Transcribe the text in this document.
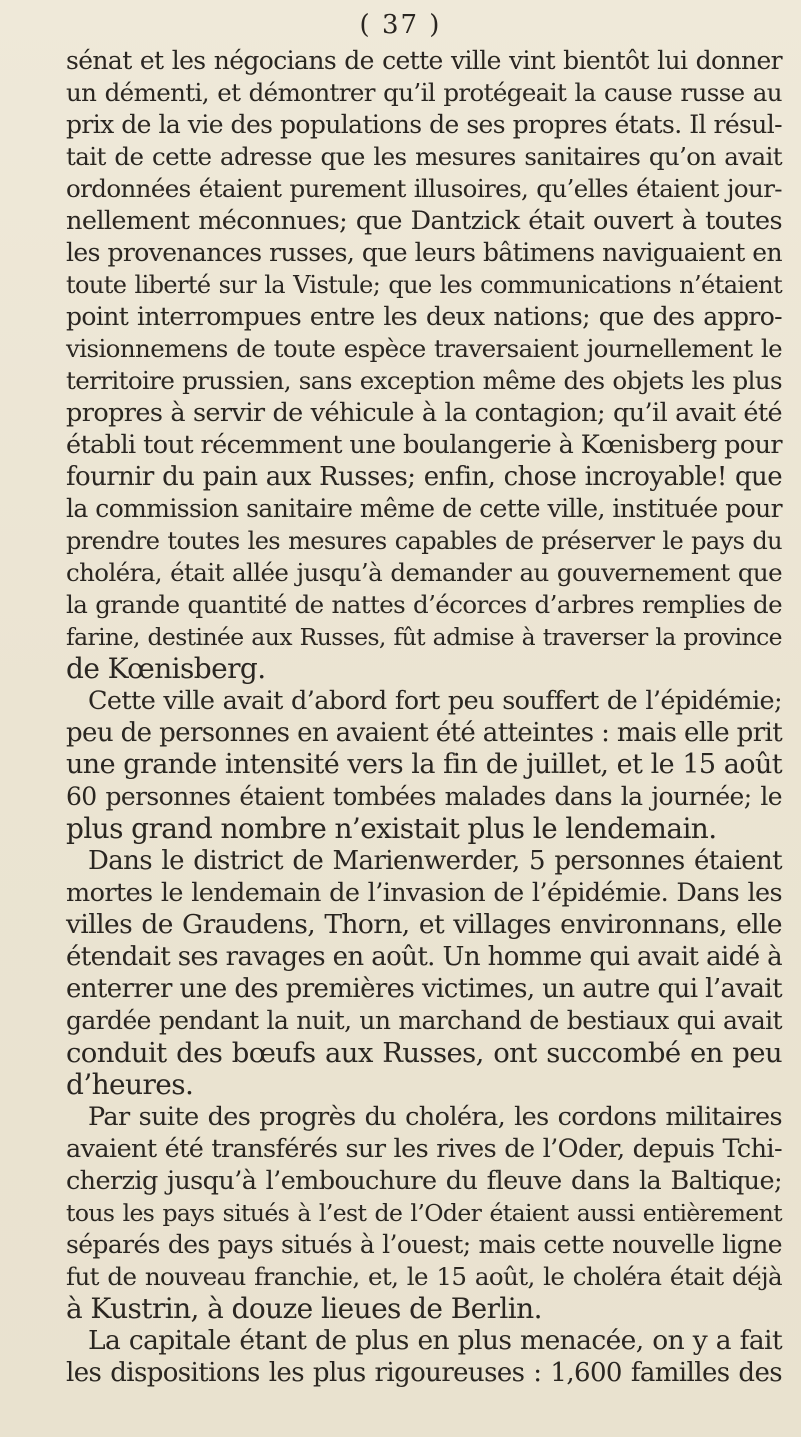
( 37 )
sénat et les négocians de cette ville vint bientôt lui donner
un démenti, et démontrer qu’il protégeait la cause russe au
prix de la vie des populations de ses propres états. Il résul-
tait de cette adresse que les mesures sanitaires qu’on avait
ordonnées étaient purement illusoires, qu’elles étaient jour-
nellement méconnues; que Dantzick était ouvert à toutes
les provenances russes, que leurs bâtimens naviguaient en
toute liberté sur la Vistule; que les communications n’étaient
point interrompues entre les deux nations; que des appro-
visionnemens de toute espèce traversaient journellement le
territoire prussien, sans exception même des objets les plus
propres à servir de véhicule à la contagion; qu’il avait été
établi tout récemment une boulangerie à Kœnisberg pour
fournir du pain aux Russes; enfin, chose incroyable! que
la commission sanitaire même de cette ville, instituée pour
prendre toutes les mesures capables de préserver le pays du
choléra, était allée jusqu’à demander au gouvernement que
la grande quantité de nattes d’écorces d’arbres remplies de
farine, destinée aux Russes, fût admise à traverser la province
de Kœnisberg.
Cette ville avait d’abord fort peu souffert de l’épidémie;
peu de personnes en avaient été atteintes : mais elle prit
une grande intensité vers la fin de juillet, et le 15 août
60 personnes étaient tombées malades dans la journée; le
plus grand nombre n’existait plus le lendemain.
Dans le district de Marienwerder, 5 personnes étaient
mortes le lendemain de l’invasion de l’épidémie. Dans les
villes de Graudens, Thorn, et villages environnans, elle
étendait ses ravages en août. Un homme qui avait aidé à
enterrer une des premières victimes, un autre qui l’avait
gardée pendant la nuit, un marchand de bestiaux qui avait
conduit des bœufs aux Russes, ont succombé en peu
d’heures.
Par suite des progrès du choléra, les cordons militaires
avaient été transférés sur les rives de l’Oder, depuis Tchi-
cherzig jusqu’à l’embouchure du fleuve dans la Baltique;
tous les pays situés à l’est de l’Oder étaient aussi entièrement
séparés des pays situés à l’ouest; mais cette nouvelle ligne
fut de nouveau franchie, et, le 15 août, le choléra était déjà
à Kustrin, à douze lieues de Berlin.
La capitale étant de plus en plus menacée, on y a fait
les dispositions les plus rigoureuses : 1,600 familles des
